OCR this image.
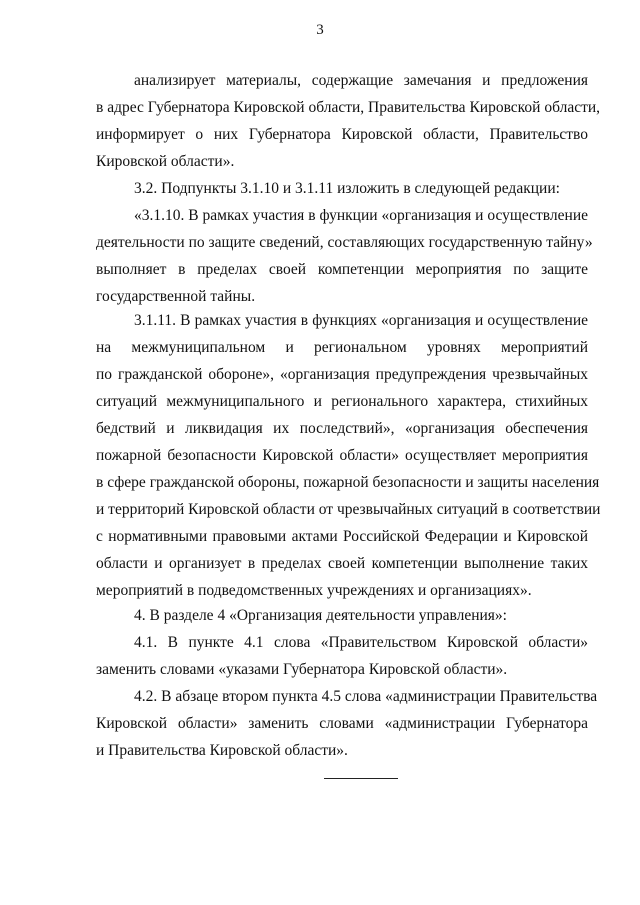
3
анализирует материалы, содержащие замечания и предложения
в адрес Губернатора Кировской области, Правительства Кировской области,
информирует о них Губернатора Кировской области, Правительство
Кировской области».
3.2. Подпункты 3.1.10 и 3.1.11 изложить в следующей редакции:
«3.1.10. В рамках участия в функции «организация и осуществление
деятельности по защите сведений, составляющих государственную тайну»
выполняет в пределах своей компетенции мероприятия по защите
государственной тайны.
3.1.11. В рамках участия в функциях «организация и осуществление
на межмуниципальном и региональном уровнях мероприятий
по гражданской обороне», «организация предупреждения чрезвычайных
ситуаций межмуниципального и регионального характера, стихийных
бедствий и ликвидация их последствий», «организация обеспечения
пожарной безопасности Кировской области» осуществляет мероприятия
в сфере гражданской обороны, пожарной безопасности и защиты населения
и территорий Кировской области от чрезвычайных ситуаций в соответствии
с нормативными правовыми актами Российской Федерации и Кировской
области и организует в пределах своей компетенции выполнение таких
мероприятий в подведомственных учреждениях и организациях».
4. В разделе 4 «Организация деятельности управления»:
4.1. В пункте 4.1 слова «Правительством Кировской области»
заменить словами «указами Губернатора Кировской области».
4.2. В абзаце втором пункта 4.5 слова «администрации Правительства
Кировской области» заменить словами «администрации Губернатора
и Правительства Кировской области».
